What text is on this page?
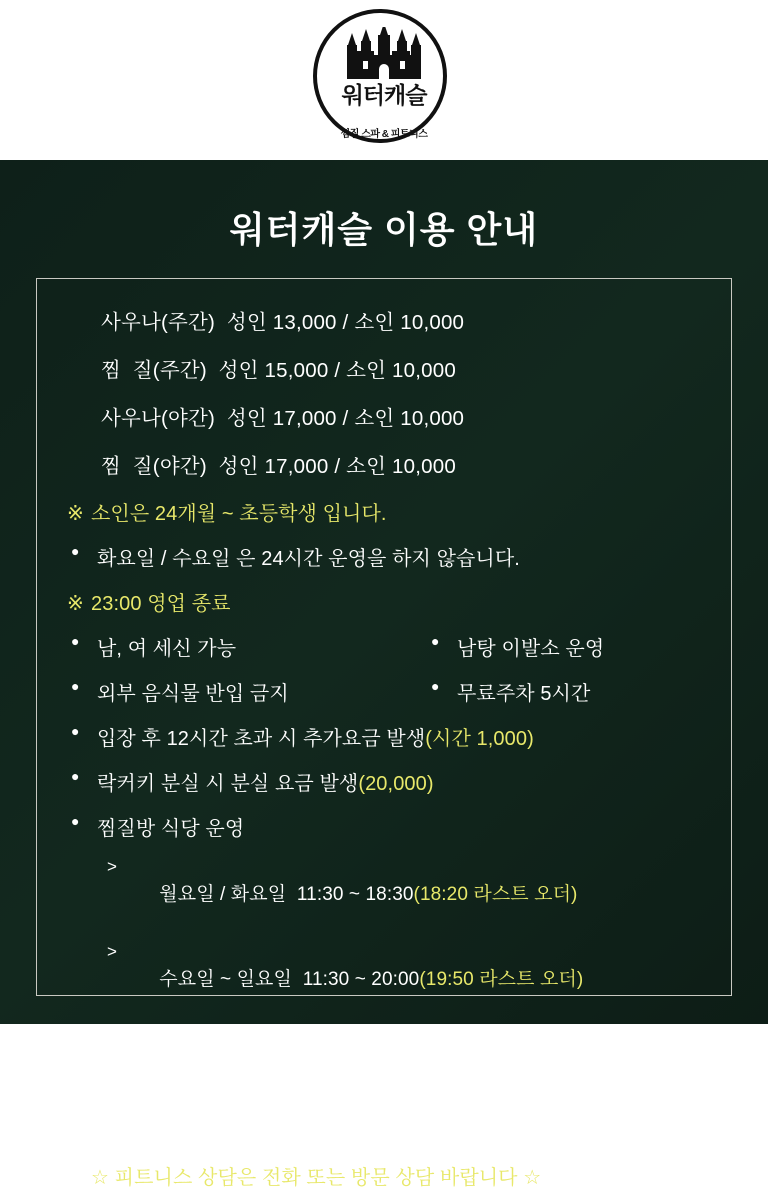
워터캐슬
찜질 스파 & 피트니스
워터캐슬 이용 안내
사우나(주간)  성인 13,000 / 소인 10,000
찜  질(주간)  성인 15,000 / 소인 10,000
사우나(야간)  성인 17,000 / 소인 10,000
찜  질(야간)  성인 17,000 / 소인 10,000
※ 소인은 24개월 ~ 초등학생 입니다.
● 화요일 / 수요일 은 24시간 운영을 하지 않습니다.
※ 23:00 영업 종료
● 남, 여 세신 가능	● 남탕 이발소 운영
● 외부 음식물 반입 금지	● 무료주차 5시간
● 입장 후 12시간 초과 시 추가요금 발생(시간 1,000)
● 락커키 분실 시 분실 요금 발생(20,000)
● 찜질방 식당 운영

> 월요일 / 화요일  11:30 ~ 18:30(18:20 라스트 오더)

> 수요일 ~ 일요일  11:30 ~ 20:00(19:50 라스트 오더)

● 찜질방 매점 운영

> (주간)09:00 ~ 22:00 / (야간)22:30 ~ 02:00

☆ 피트니스 상담은 전화 또는 방문 상담 바랍니다 ☆
